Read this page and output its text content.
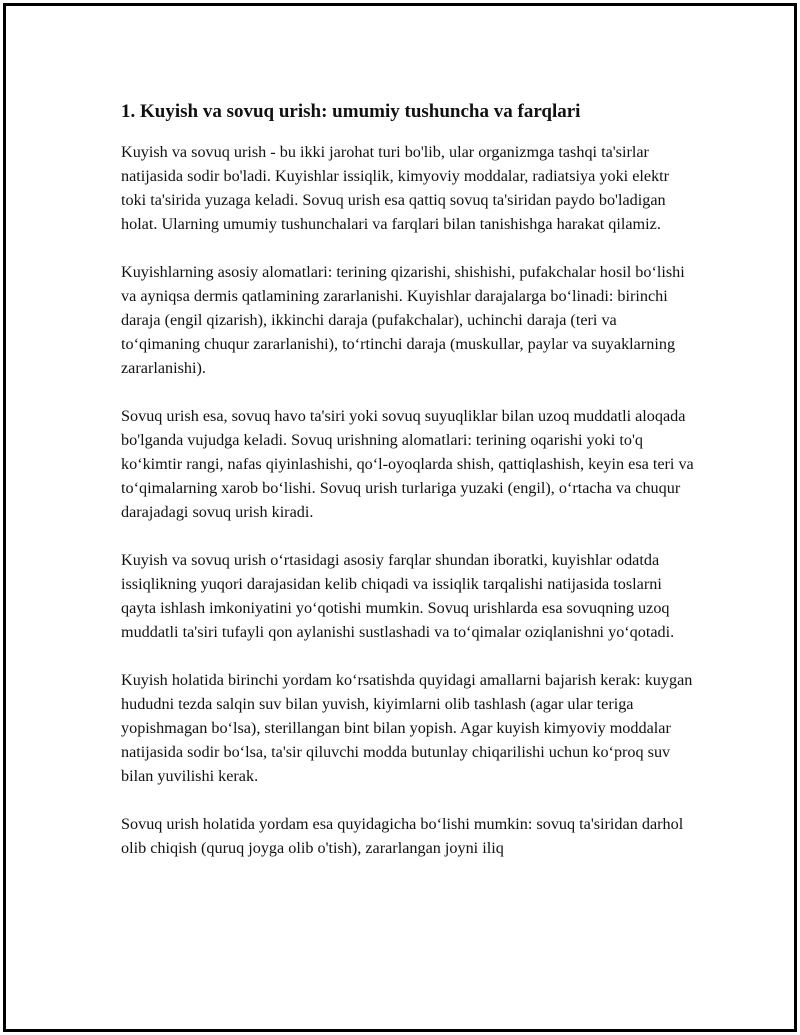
1. Kuyish va sovuq urish: umumiy tushuncha va farqlari

Kuyish va sovuq urish - bu ikki jarohat turi bo'lib, ular organizmga tashqi ta'sirlar natijasida sodir bo'ladi. Kuyishlar issiqlik, kimyoviy moddalar, radiatsiya yoki elektr toki ta'sirida yuzaga keladi. Sovuq urish esa qattiq sovuq ta'siridan paydo bo'ladigan holat. Ularning umumiy tushunchalari va farqlari bilan tanishishga harakat qilamiz.

Kuyishlarning asosiy alomatlari: terining qizarishi, shishishi, pufakchalar hosil bo‘lishi va ayniqsa dermis qatlamining zararlanishi. Kuyishlar darajalarga bo‘linadi: birinchi daraja (engil qizarish), ikkinchi daraja (pufakchalar), uchinchi daraja (teri va to‘qimaning chuqur zararlanishi), to‘rtinchi daraja (muskullar, paylar va suyaklarning zararlanishi).

Sovuq urish esa, sovuq havo ta'siri yoki sovuq suyuqliklar bilan uzoq muddatli aloqada bo'lganda vujudga keladi. Sovuq urishning alomatlari: terining oqarishi yoki to'q ko‘kimtir rangi, nafas qiyinlashishi, qo‘l-oyoqlarda shish, qattiqlashish, keyin esa teri va to‘qimalarning xarob bo‘lishi. Sovuq urish turlariga yuzaki (engil), o‘rtacha va chuqur darajadagi sovuq urish kiradi.

Kuyish va sovuq urish o‘rtasidagi asosiy farqlar shundan iboratki, kuyishlar odatda issiqlikning yuqori darajasidan kelib chiqadi va issiqlik tarqalishi natijasida toslarni qayta ishlash imkoniyatini yo‘qotishi mumkin. Sovuq urishlarda esa sovuqning uzoq muddatli ta'siri tufayli qon aylanishi sustlashadi va to‘qimalar oziqlanishni yo‘qotadi.

Kuyish holatida birinchi yordam ko‘rsatishda quyidagi amallarni bajarish kerak: kuygan hududni tezda salqin suv bilan yuvish, kiyimlarni olib tashlash (agar ular teriga yopishmagan bo‘lsa), sterillangan bint bilan yopish. Agar kuyish kimyoviy moddalar natijasida sodir bo‘lsa, ta'sir qiluvchi modda butunlay chiqarilishi uchun ko‘proq suv bilan yuvilishi kerak.

Sovuq urish holatida yordam esa quyidagicha bo‘lishi mumkin: sovuq ta'siridan darhol olib chiqish (quruq joyga olib o'tish), zararlangan joyni iliq
